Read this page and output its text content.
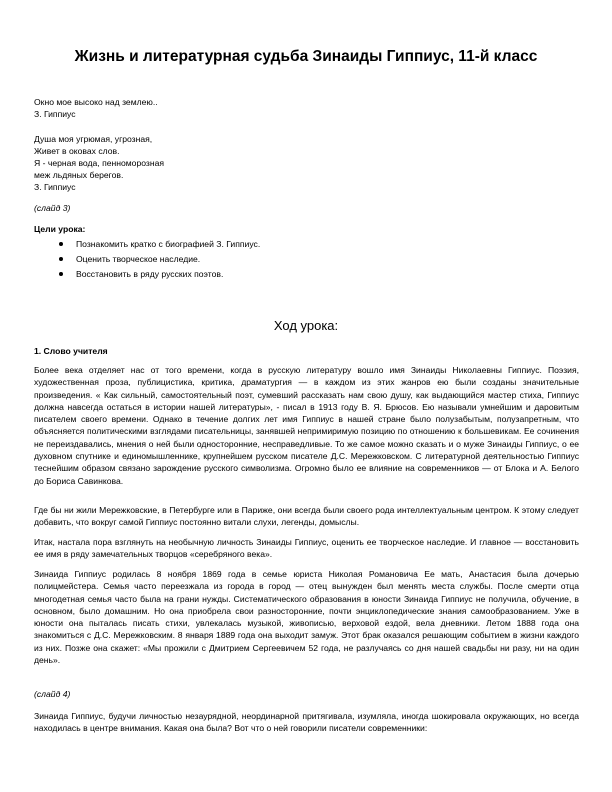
Жизнь и литературная судьба Зинаиды Гиппиус, 11-й класс
Окно мое высоко над землею..
З. Гиппиус
Душа моя угрюмая, угрозная,
Живет в оковах слов.
Я - черная вода, пенноморозная
меж льдяных берегов.
З. Гиппиус
(слайд 3)
Цели урока:
Познакомить кратко с биографией З. Гиппиус.
Оценить творческое наследие.
Восстановить в ряду русских поэтов.
Ход урока:
1. Слово учителя

Более века отделяет нас от того времени, когда в русскую литературу вошло имя Зинаиды Николаевны Гиппиус. Поэзия, художественная проза, публицистика, критика, драматургия — в каждом из этих жанров ею были созданы значительные произведения. « Как сильный, самостоятельный поэт, сумевший рассказать нам свою душу, как выдающийся мастер стиха, Гиппиус должна навсегда остаться в истории нашей литературы», - писал в 1913 году В. Я. Брюсов. Ею называли умнейшим и даровитым писателем своего времени. Однако в течение долгих лет имя Гиппиус в нашей стране было полузабытым, полузапретным, что объясняется политическими взглядами писательницы, занявшей непримиримую позицию по отношению к большевикам. Ее сочинения не переиздавались, мнения о ней были односторонние, несправедливые. То же самое можно сказать и о муже Зинаиды Гиппиус, о ее духовном спутнике и единомышленнике, крупнейшем русском писателе Д.С. Мережковском. С литературной деятельностью Гиппиус теснейшим образом связано зарождение русского символизма. Огромно было ее влияние на современников — от Блока и А. Белого до Бориса Савинкова.

Где бы ни жили Мережковские, в Петербурге или в Париже, они всегда были своего рода интеллектуальным центром. К этому следует добавить, что вокруг самой Гиппиус постоянно витали слухи, легенды, домыслы.

Итак, настала пора взглянуть на необычную личность Зинаиды Гиппиус, оценить ее творческое наследие. И главное — восстановить ее имя в ряду замечательных творцов «серебряного века».

Зинаида Гиппиус родилась 8 ноября 1869 года в семье юриста Николая Романовича Ее мать, Анастасия была дочерью полицмейстера. Семья часто переезжала из города в город — отец вынужден был менять места службы. После смерти отца многодетная семья часто была на грани нужды. Систематического образования в юности Зинаида Гиппиус не получила, обучение, в основном, было домашним. Но она приобрела свои разносторонние, почти энциклопедические знания самообразованием. Уже в юности она пыталась писать стихи, увлекалась музыкой, живописью, верховой ездой, вела дневники. Летом 1888 года она знакомиться с Д.С. Мережковским. 8 января 1889 года она выходит замуж. Этот брак оказался решающим событием в жизни каждого из них. Позже она скажет: «Мы прожили с Дмитрием Сергеевичем 52 года, не разлучаясь со дня нашей свадьбы ни разу, ни на один день».

(слайд 4)

Зинаида Гиппиус, будучи личностью незаурядной, неординарной притягивала, изумляла, иногда шокировала окружающих, но всегда находилась в центре внимания. Какая она была? Вот что о ней говорили писатели современники:
